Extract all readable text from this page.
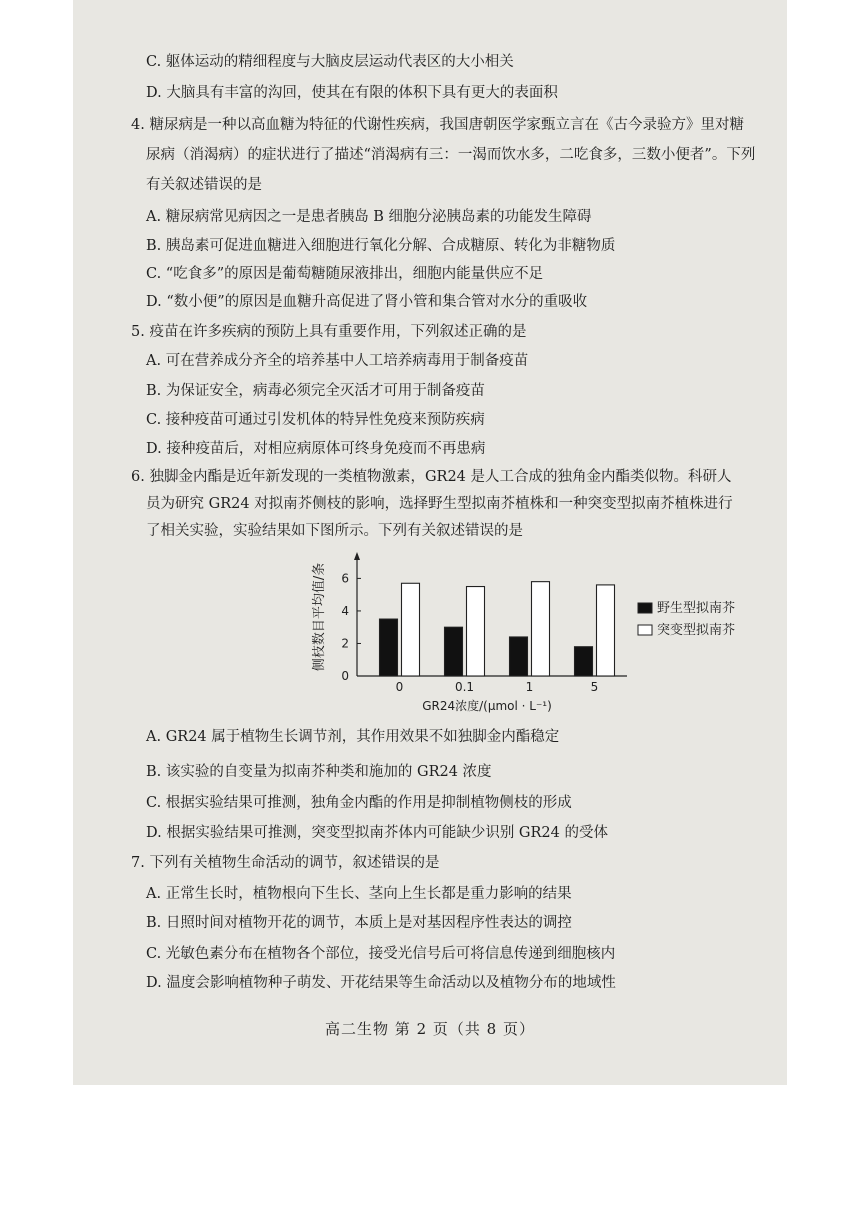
C. 躯体运动的精细程度与大脑皮层运动代表区的大小相关
D. 大脑具有丰富的沟回，使其在有限的体积下具有更大的表面积
4. 糖尿病是一种以高血糖为特征的代谢性疾病，我国唐朝医学家甄立言在《古今录验方》里对糖
尿病（消渴病）的症状进行了描述“消渴病有三：一渴而饮水多，二吃食多，三数小便者”。下列
有关叙述错误的是
A. 糖尿病常见病因之一是患者胰岛 B 细胞分泌胰岛素的功能发生障碍
B. 胰岛素可促进血糖进入细胞进行氧化分解、合成糖原、转化为非糖物质
C. “吃食多”的原因是葡萄糖随尿液排出，细胞内能量供应不足
D. “数小便”的原因是血糖升高促进了肾小管和集合管对水分的重吸收
5. 疫苗在许多疾病的预防上具有重要作用，下列叙述正确的是
A. 可在营养成分齐全的培养基中人工培养病毒用于制备疫苗
B. 为保证安全，病毒必须完全灭活才可用于制备疫苗
C. 接种疫苗可通过引发机体的特异性免疫来预防疾病
D. 接种疫苗后，对相应病原体可终身免疫而不再患病
6. 独脚金内酯是近年新发现的一类植物激素，GR24 是人工合成的独角金内酯类似物。科研人
员为研究 GR24 对拟南芥侧枝的影响，选择野生型拟南芥植株和一种突变型拟南芥植株进行
了相关实验，实验结果如下图所示。下列有关叙述错误的是
0
2
4
6
侧枝数目平均值/条
0	0.1	1	5
GR24浓度/(μmol · L⁻¹)
野生型拟南芥
突变型拟南芥
A. GR24 属于植物生长调节剂，其作用效果不如独脚金内酯稳定
B. 该实验的自变量为拟南芥种类和施加的 GR24 浓度
C. 根据实验结果可推测，独角金内酯的作用是抑制植物侧枝的形成
D. 根据实验结果可推测，突变型拟南芥体内可能缺少识别 GR24 的受体
7. 下列有关植物生命活动的调节，叙述错误的是
A. 正常生长时，植物根向下生长、茎向上生长都是重力影响的结果
B. 日照时间对植物开花的调节，本质上是对基因程序性表达的调控
C. 光敏色素分布在植物各个部位，接受光信号后可将信息传递到细胞核内
D. 温度会影响植物种子萌发、开花结果等生命活动以及植物分布的地域性
高二生物 第 2 页（共 8 页）
